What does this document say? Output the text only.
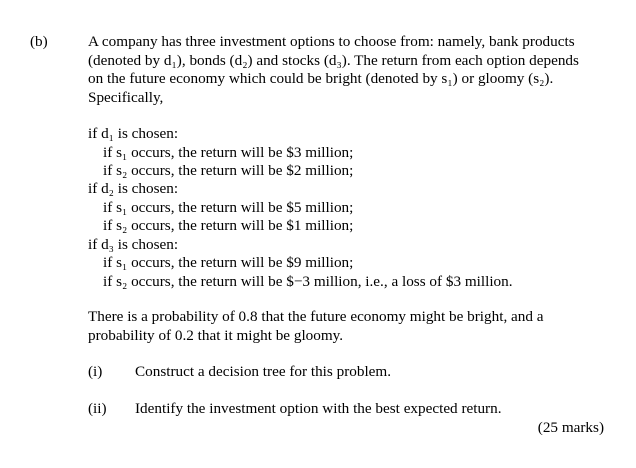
(b)	A company has three investment options to choose from: namely, bank products
(denoted by d₁), bonds (d₂) and stocks (d₃). The return from each option depends
on the future economy which could be bright (denoted by s₁) or gloomy (s₂).
Specifically,
if d₁ is chosen:
if s₁ occurs, the return will be $3 million;
if s₂ occurs, the return will be $2 million;
if d₂ is chosen:
if s₁ occurs, the return will be $5 million;
if s₂ occurs, the return will be $1 million;
if d₃ is chosen:
if s₁ occurs, the return will be $9 million;
if s₂ occurs, the return will be $−3 million, i.e., a loss of $3 million.
There is a probability of 0.8 that the future economy might be bright, and a
probability of 0.2 that it might be gloomy.
(i) Construct a decision tree for this problem.
(ii) Identify the investment option with the best expected return.
(25 marks)
